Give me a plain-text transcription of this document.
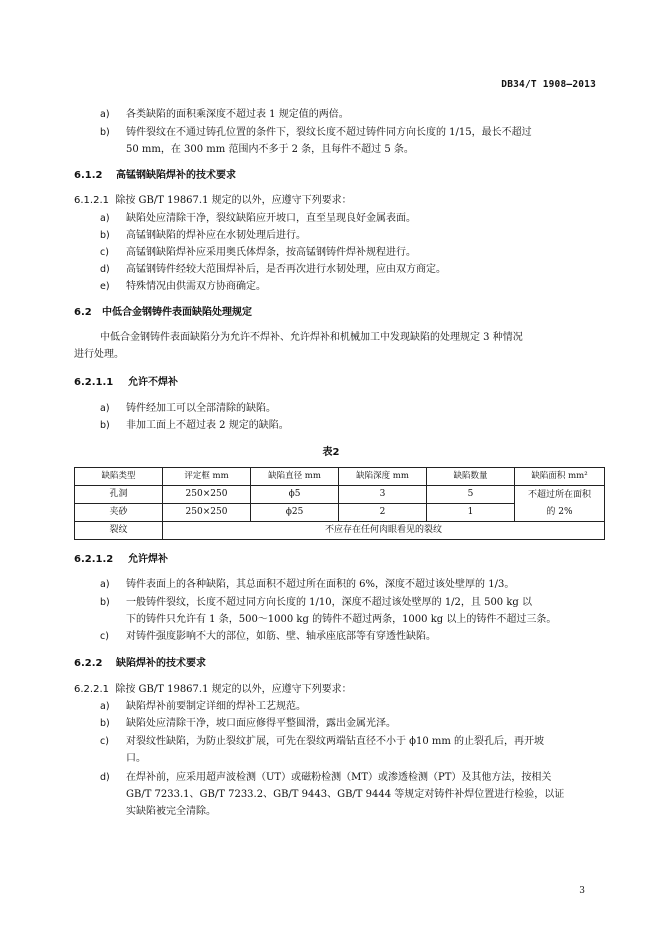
DB34/T 1908—2013
a) 各类缺陷的面积乘深度不超过表 1 规定值的两倍。
b) 铸件裂纹在不通过铸孔位置的条件下，裂纹长度不超过铸件同方向长度的 1/15，最长不超过
50 mm，在 300 mm 范围内不多于 2 条，且每件不超过 5 条。
6.1.2 高锰钢缺陷焊补的技术要求
6.1.2.1 除按 GB/T 19867.1 规定的以外，应遵守下列要求：
a) 缺陷处应清除干净，裂纹缺陷应开坡口，直至呈现良好金属表面。
b) 高锰钢缺陷的焊补应在水韧处理后进行。
c) 高锰钢缺陷焊补应采用奥氏体焊条，按高锰钢铸件焊补规程进行。
d) 高锰钢铸件经较大范围焊补后，是否再次进行水韧处理，应由双方商定。
e) 特殊情况由供需双方协商确定。
6.2 中低合金钢铸件表面缺陷处理规定
中低合金钢铸件表面缺陷分为允许不焊补、允许焊补和机械加工中发现缺陷的处理规定 3 种情况
进行处理。
6.2.1.1 允许不焊补
a) 铸件经加工可以全部清除的缺陷。
b) 非加工面上不超过表 2 规定的缺陷。
表2
缺陷类型	评定框 mm	缺陷直径 mm	缺陷深度 mm	缺陷数量	缺陷面积 mm²
孔洞	250×250	ϕ5	3	5	不超过所在面积
的 2%

夹砂	250×250	ϕ25	2	1	
裂纹	不应存在任何肉眼看见的裂纹				
6.2.1.2 允许焊补
a) 铸件表面上的各种缺陷，其总面积不超过所在面积的 6%，深度不超过该处壁厚的 1/3。
b) 一般铸件裂纹，长度不超过同方向长度的 1/10，深度不超过该处壁厚的 1/2，且 500 kg 以
下的铸件只允许有 1 条，500～1000 kg 的铸件不超过两条，1000 kg 以上的铸件不超过三条。
c) 对铸件强度影响不大的部位，如筋、壁、轴承座底部等有穿透性缺陷。
6.2.2 缺陷焊补的技术要求
6.2.2.1 除按 GB/T 19867.1 规定的以外，应遵守下列要求：
a) 缺陷焊补前要制定详细的焊补工艺规范。
b) 缺陷处应清除干净，坡口面应修得平整圆滑，露出金属光泽。
c) 对裂纹性缺陷，为防止裂纹扩展，可先在裂纹两端钻直径不小于 ϕ10 mm 的止裂孔后，再开坡
口。
d) 在焊补前，应采用超声波检测（UT）或磁粉检测（MT）或渗透检测（PT）及其他方法，按相关
GB/T 7233.1、GB/T 7233.2、GB/T 9443、GB/T 9444 等规定对铸件补焊位置进行检验，以证
实缺陷被完全清除。
3
